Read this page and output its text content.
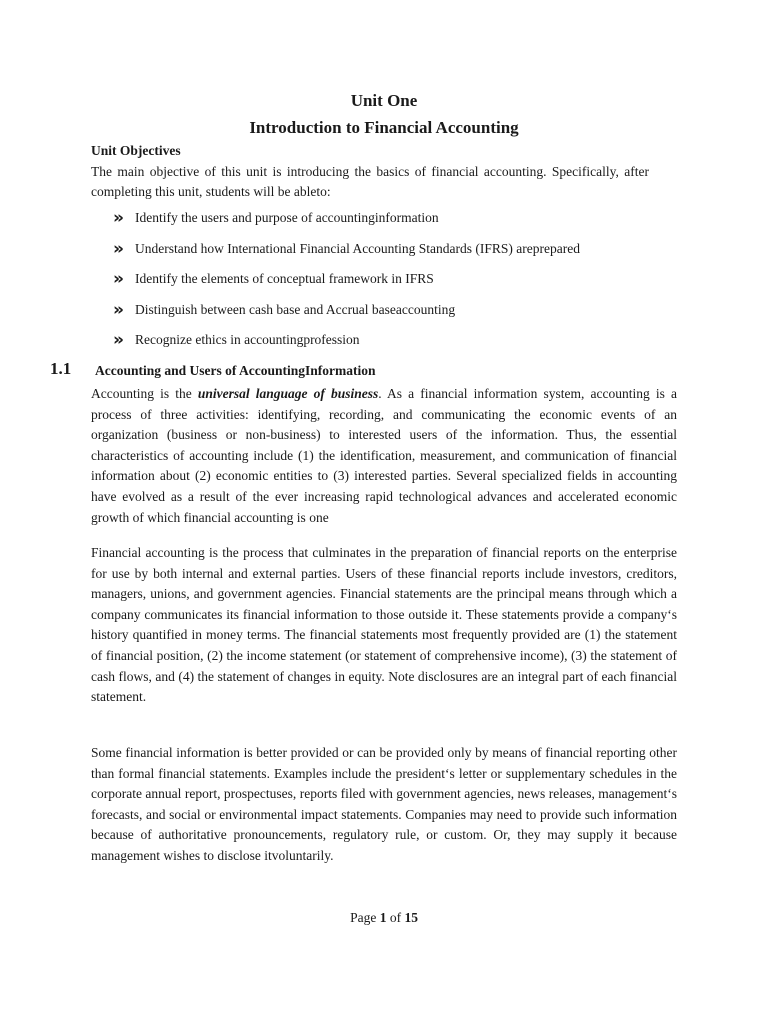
Unit One
Introduction to Financial Accounting
Unit Objectives
The main objective of this unit is introducing the basics of financial accounting. Specifically, after completing this unit, students will be ableto:
» Identify the users and purpose of accountinginformation
» Understand how International Financial Accounting Standards (IFRS) areprepared
» Identify the elements of conceptual framework in IFRS
» Distinguish between cash base and Accrual baseaccounting
» Recognize ethics in accountingprofession
1.1 Accounting and Users of AccountingInformation

Accounting is the universal language of business. As a financial information system, accounting is a process of three activities: identifying, recording, and communicating the economic events of an organization (business or non-business) to interested users of the information. Thus, the essential characteristics of accounting include (1) the identification, measurement, and communication of financial information about (2) economic entities to (3) interested parties. Several specialized fields in accounting have evolved as a result of the ever increasing rapid technological advances and accelerated economic growth of which financial accounting is one

Financial accounting is the process that culminates in the preparation of financial reports on the enterprise for use by both internal and external parties. Users of these financial reports include investors, creditors, managers, unions, and government agencies. Financial statements are the principal means through which a company communicates its financial information to those outside it. These statements provide a company‘s history quantified in money terms. The financial statements most frequently provided are (1) the statement of financial position, (2) the income statement (or statement of comprehensive income), (3) the statement of cash flows, and (4) the statement of changes in equity. Note disclosures are an integral part of each financial statement.

Some financial information is better provided or can be provided only by means of financial reporting other than formal financial statements. Examples include the president‘s letter or supplementary schedules in the corporate annual report, prospectuses, reports filed with government agencies, news releases, management‘s forecasts, and social or environmental impact statements. Companies may need to provide such information because of authoritative pronouncements, regulatory rule, or custom. Or, they may supply it because management wishes to disclose itvoluntarily.

Page 1 of 15
